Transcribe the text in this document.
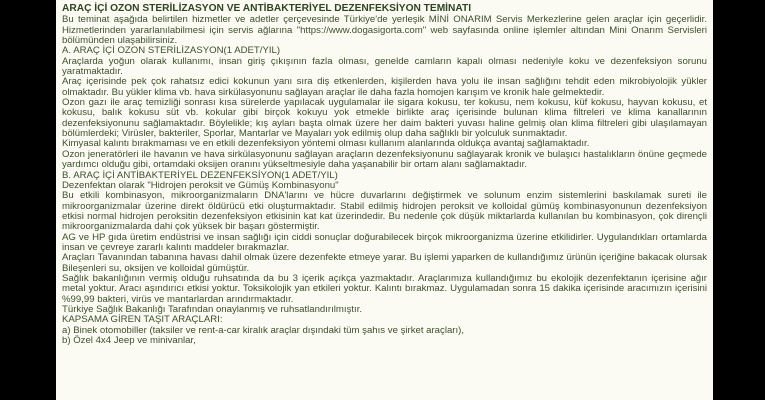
ARAÇ İÇİ OZON STERİLİZASYON VE ANTİBAKTERİYEL DEZENFEKSİYON TEMİNATI

Bu teminat aşağıda belirtilen hizmetler ve adetler çerçevesinde Türkiye'de yerleşik MİNİ ONARIM Servis Merkezlerine gelen araçlar için geçerlidir. Hizmetlerinden yararlanılabilmesi için servis ağlarına "https://www.dogasigorta.com" web sayfasında online işlemler altından Mini Onarım Servisleri bölümünden ulaşabilirsiniz.

A. ARAÇ İÇİ OZON STERİLİZASYON(1 ADET/YIL)

Araçlarda yoğun olarak kullanımı, insan giriş çıkışının fazla olması, genelde camların kapalı olması nedeniyle koku ve dezenfeksiyon sorunu yaratmaktadır.

Araç içerisinde pek çok rahatsız edici kokunun yanı sıra diş etkenlerden, kişilerden hava yolu ile insan sağlığını tehdit eden mikrobiyolojik yükler olmaktadır. Bu yükler klima vb. hava sirkülasyonunu sağlayan araçlar ile daha fazla homojen karışım ve kronik hale gelmektedir.

Ozon gazı ile araç temizliği sonrası kısa sürelerde yapılacak uygulamalar ile sigara kokusu, ter kokusu, nem kokusu, küf kokusu, hayvan kokusu, et kokusu, balık kokusu süt vb. kokular gibi birçok kokuyu yok etmekle birlikte araç içerisinde bulunan klima filtreleri ve klima kanallarının dezenfeksiyonunu sağlamaktadır. Böylelikle; kış ayları başta olmak üzere her daim bakteri yuvası haline gelmiş olan klima filtreleri gibi ulaşılamayan bölümlerdeki; Virüsler, bakteriler, Sporlar, Mantarlar ve Mayaları yok edilmiş olup daha sağlıklı bir yolculuk sunmaktadır.

Kimyasal kalıntı bırakmaması ve en etkili dezenfeksiyon yöntemi olması kullanım alanlarında oldukça avantaj sağlamaktadır.

Ozon jeneratörleri ile havanın ve hava sirkülasyonunu sağlayan araçların dezenfeksiyonunu sağlayarak kronik ve bulaşıcı hastalıkların önüne geçmede yardımcı olduğu gibi, ortamdaki oksijen oranını yükseltmesiyle daha yaşanabilir bir ortam alanı sağlamaktadır.

B. ARAÇ İÇİ ANTİBAKTERİYEL DEZENFEKSİYON(1 ADET/YIL)

Dezenfektan olarak "Hidrojen peroksit ve Gümüş Kombinasyonu"

Bu etkili kombinasyon, mikroorganizmaların DNA'larını ve hücre duvarlarını değiştirmek ve solunum enzim sistemlerini baskılamak sureti ile mikroorganizmalar üzerine direkt öldürücü etki oluşturmaktadır. Stabil edilmiş hidrojen peroksit ve kolloidal gümüş kombinasyonunun dezenfeksiyon etkisi normal hidrojen peroksitin dezenfeksiyon etkisinin kat kat üzerindedir. Bu nedenle çok düşük miktarlarda kullanılan bu kombinasyon, çok dirençli mikroorganizmalarda dahi çok yüksek bir başarı göstermiştir.

AG ve HP gıda üretim endüstrisi ve insan sağlığı için ciddi sonuçlar doğurabilecek birçok mikroorganizma üzerine etkilidirler. Uygulandıkları ortamlarda insan ve çevreye zararlı kalıntı maddeler bırakmazlar.

Araçları Tavanından tabanına havası dahil olmak üzere dezenfekte etmeye yarar. Bu işlemi yaparken de kullandığımız ürünün içeriğine bakacak olursak Bileşenleri su, oksijen ve kolloidal gümüştür.

Sağlık bakanlığının vermiş olduğu ruhsatında da bu 3 içerik açıkça yazmaktadır. Araçlarımıza kullandığımız bu ekolojik dezenfektanın içerisine ağır metal yoktur. Aracı aşındırıcı etkisi yoktur. Toksikolojik yan etkileri yoktur. Kalıntı bırakmaz. Uygulamadan sonra 15 dakika içerisinde aracımızın içerisini %99,99 bakteri, virüs ve mantarlardan arındırmaktadır.

Türkiye Sağlık Bakanlığı Tarafından onaylanmış ve ruhsatlandırılmıştır.

KAPSAMA GİREN TAŞIT ARAÇLARI:

a) Binek otomobiller (taksiler ve rent-a-car kiralık araçlar dışındaki tüm şahıs ve şirket araçları),

b) Özel 4x4 Jeep ve minivanlar,
